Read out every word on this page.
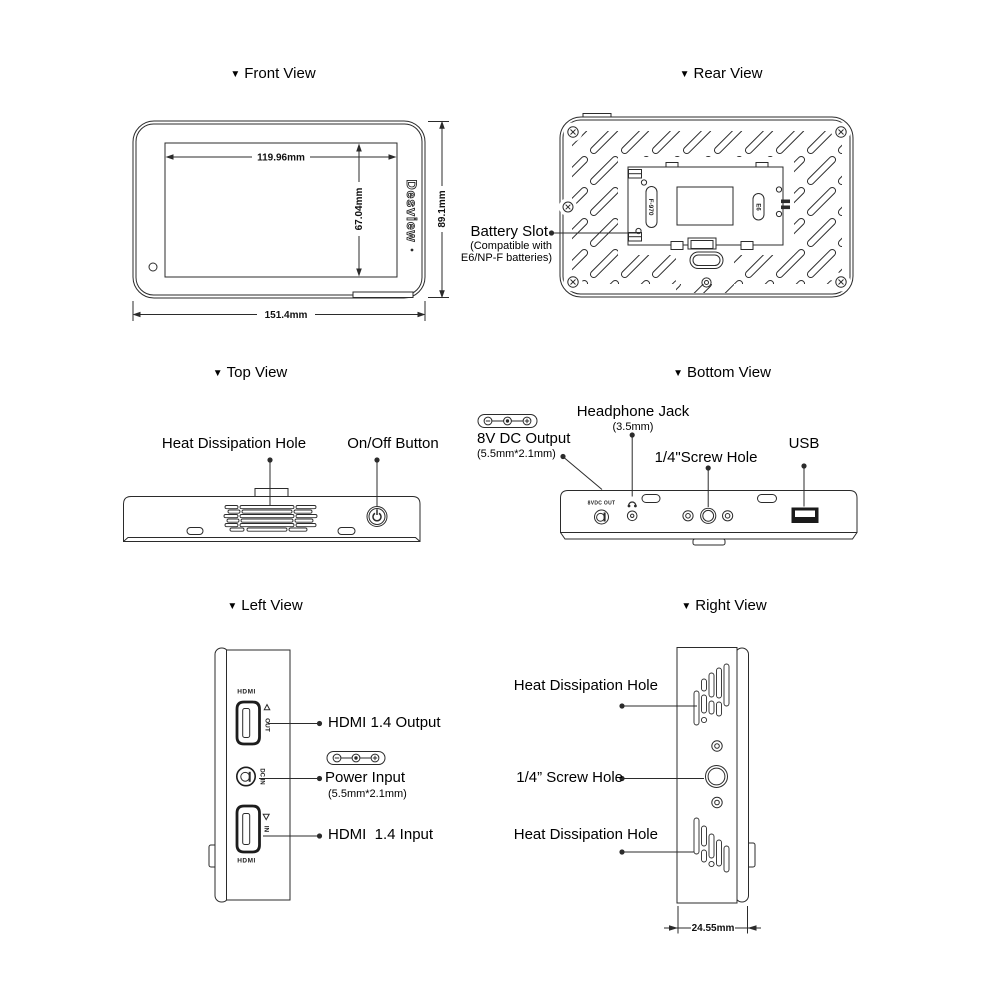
Desview
119.96mm
67.04mm	89.1mm
151.4mm
F-970	E6
8VDC OUT
HDMI
OUT
DC IN
IN
HDMI
24.55mm
▼ Front View	▼ Rear View
▼ Top View	▼ Bottom View
▼ Left View	▼ Right View
Battery Slot
(Compatible with
E6/NP-F batteries)
Heat Dissipation Hole	On/Off Button	8V DC Output
(5.5mm*2.1mm)
Headphone Jack
(3.5mm)
1/4"Screw Hole
USB
HDMI 1.4 Output
Power Input
(5.5mm*2.1mm)
HDMI  1.4 Input
Heat Dissipation Hole
1/4” Screw Hole
Heat Dissipation Hole
